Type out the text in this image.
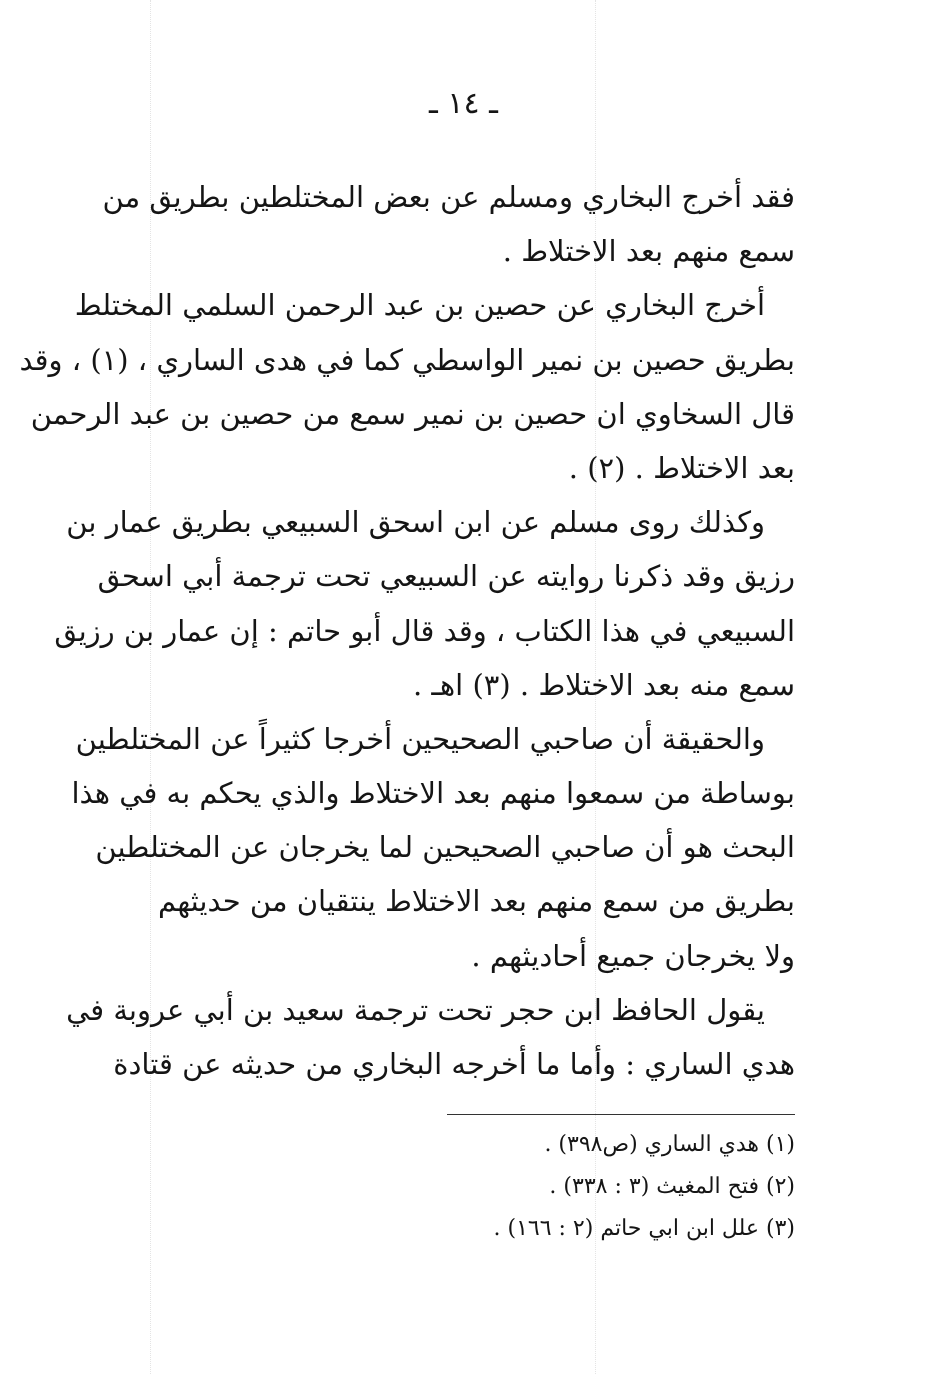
ـ ١٤ ـ
فقد أخرج البخاري ومسلم عن بعض المختلطين بطريق من
سمع منهم بعد الاختلاط .
أخرج البخاري عن حصين بن عبد الرحمن السلمي المختلط
بطريق حصين بن نمير الواسطي كما في هدى الساري ، (١) ، وقد
قال السخاوي ان حصين بن نمير سمع من حصين بن عبد الرحمن
بعد الاختلاط . (٢) .
وكذلك روى مسلم عن ابن اسحق السبيعي بطريق عمار بن
رزيق وقد ذكرنا روايته عن السبيعي تحت ترجمة أبي اسحق
السبيعي في هذا الكتاب ، وقد قال أبو حاتم : إن عمار بن رزيق
سمع منه بعد الاختلاط . (٣) اهـ .
والحقيقة أن صاحبي الصحيحين أخرجا كثيراً عن المختلطين
بوساطة من سمعوا منهم بعد الاختلاط والذي يحكم به في هذا
البحث هو أن صاحبي الصحيحين لما يخرجان عن المختلطين
بطريق من سمع منهم بعد الاختلاط ينتقيان من حديثهم
ولا يخرجان جميع أحاديثهم .
يقول الحافظ ابن حجر تحت ترجمة سعيد بن أبي عروبة في
هدي الساري : وأما ما أخرجه البخاري من حديثه عن قتادة
(١) هدي الساري (ص٣٩٨) .
(٢) فتح المغيث (٣ : ٣٣٨) .
(٣) علل ابن ابي حاتم (٢ : ١٦٦) .
